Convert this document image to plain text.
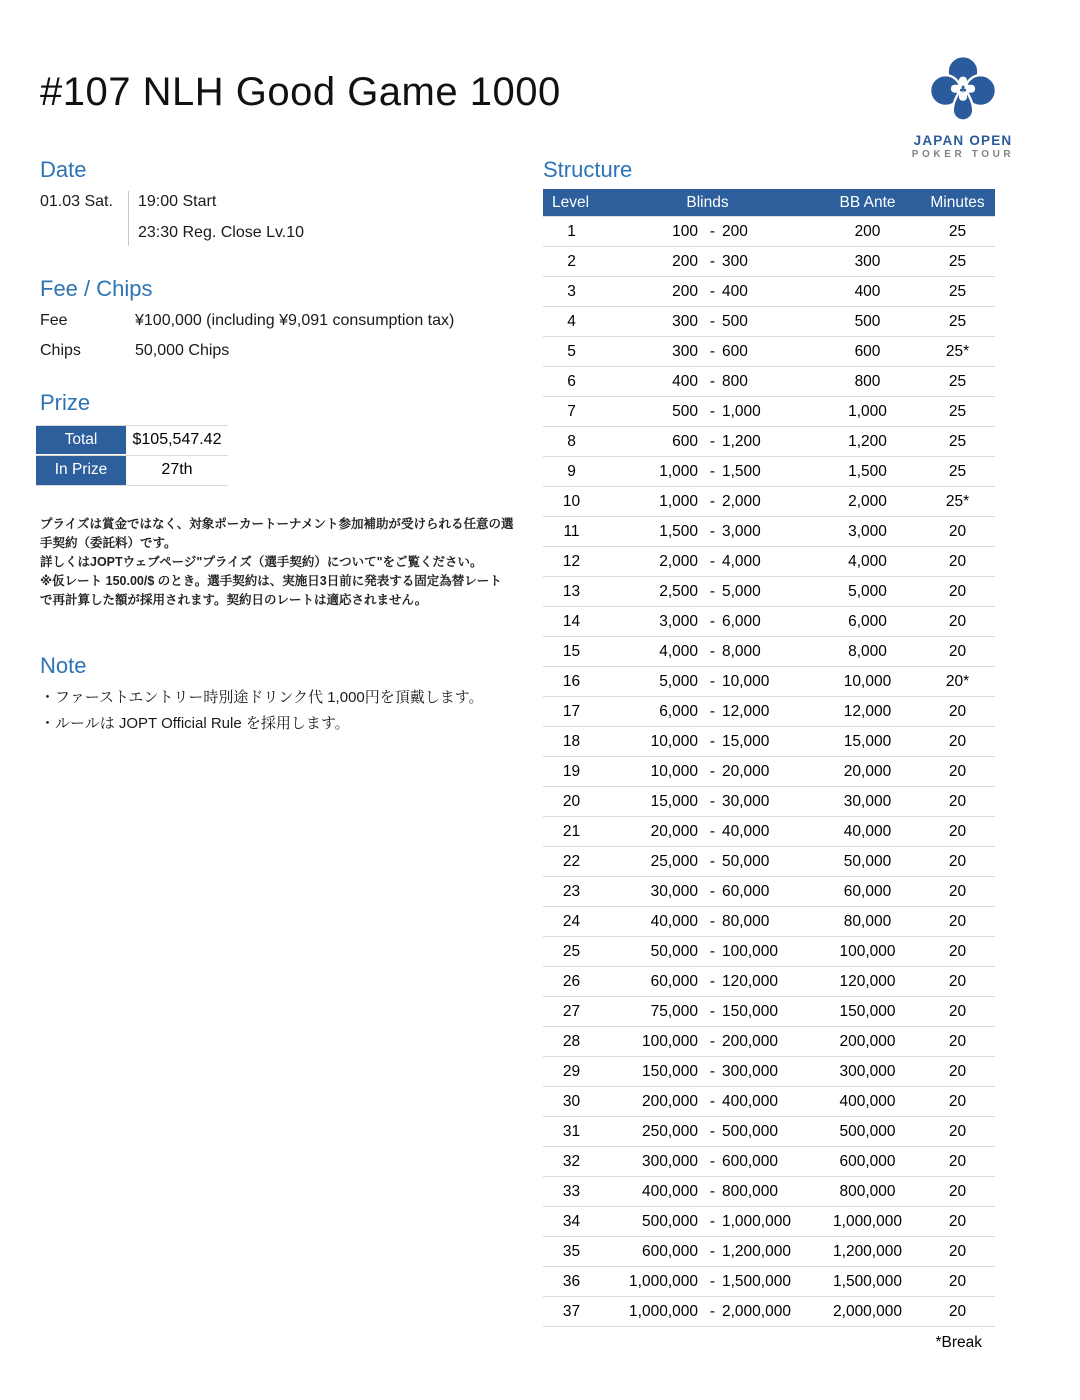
#107 NLH Good Game 1000	♣
JAPAN OPEN
POKER TOUR
Date
01.03 Sat.	19:00 Start
23:30 Reg. Close Lv.10
Fee / Chips
Fee	¥100,000 (including ¥9,091 consumption tax)
Chips	50,000 Chips
Prize
Total	$105,547.42
In Prize	27th

プライズは賞金ではなく、対象ポーカートーナメント参加補助が受けられる任意の選手契約（委託料）です。

詳しくはJOPTウェブページ"プライズ（選手契約）について"をご覧ください。

※仮レート 150.00/$ のとき。選手契約は、実施日3日前に発表する固定為替レートで再計算した額が採用されます。契約日のレートは適応されません。

Note
・ファーストエントリー時別途ドリンク代 1,000円を頂戴します。
・ルールは JOPT Official Rule を採用します。
Structure
Level	Blinds	BB Ante	Minutes
1	100 - 200	200	25
2	200 - 300	300	25
3	200 - 400	400	25
4	300 - 500	500	25
5	300 - 600	600	25*
6	400 - 800	800	25
7	500 - 1,000	1,000	25
8	600 - 1,200	1,200	25
9	1,000 - 1,500	1,500	25
10	1,000 - 2,000	2,000	25*
11	1,500 - 3,000	3,000	20
12	2,000 - 4,000	4,000	20
13	2,500 - 5,000	5,000	20
14	3,000 - 6,000	6,000	20
15	4,000 - 8,000	8,000	20
16	5,000 - 10,000	10,000	20*
17	6,000 - 12,000	12,000	20
18	10,000 - 15,000	15,000	20
19	10,000 - 20,000	20,000	20
20	15,000 - 30,000	30,000	20
21	20,000 - 40,000	40,000	20
22	25,000 - 50,000	50,000	20
23	30,000 - 60,000	60,000	20
24	40,000 - 80,000	80,000	20
25	50,000 - 100,000	100,000	20
26	60,000 - 120,000	120,000	20
27	75,000 - 150,000	150,000	20
28	100,000 - 200,000	200,000	20
29	150,000 - 300,000	300,000	20
30	200,000 - 400,000	400,000	20
31	250,000 - 500,000	500,000	20
32	300,000 - 600,000	600,000	20
33	400,000 - 800,000	800,000	20
34	500,000 - 1,000,000	1,000,000	20
35	600,000 - 1,200,000	1,200,000	20
36	1,000,000 - 1,500,000	1,500,000	20
37	1,000,000 - 2,000,000	2,000,000	20
*Break
